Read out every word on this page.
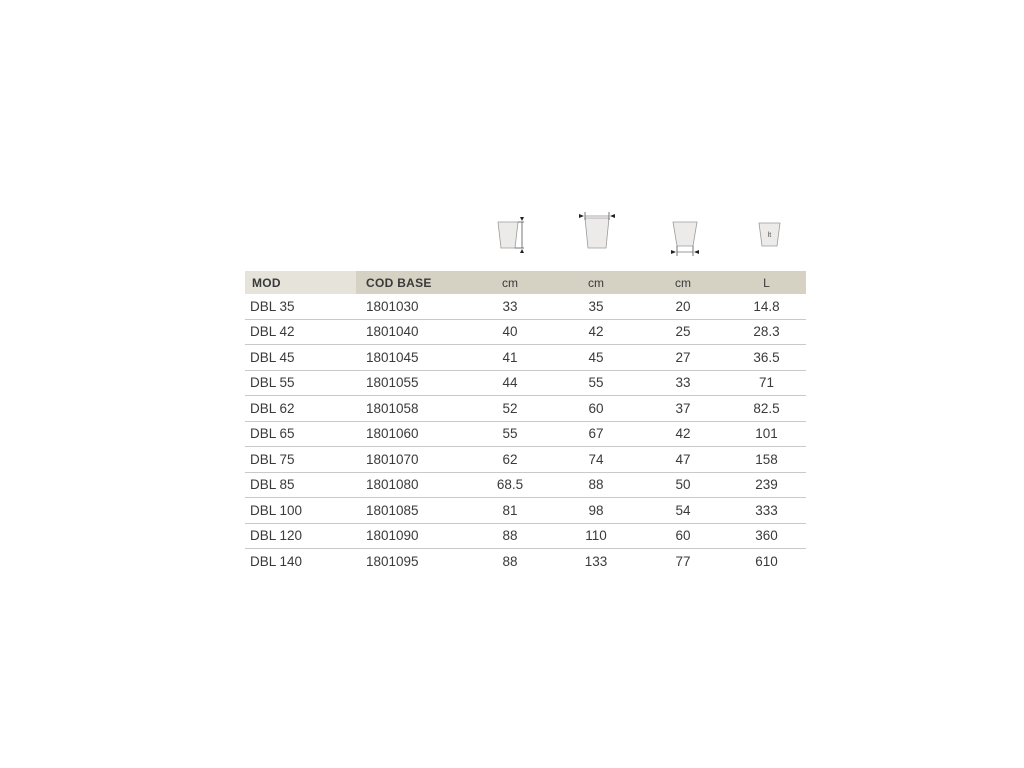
lt
MOD	COD BASE	cm	cm	cm	L
DBL 35	1801030	33	35	20	14.8
DBL 42	1801040	40	42	25	28.3
DBL 45	1801045	41	45	27	36.5
DBL 55	1801055	44	55	33	71
DBL 62	1801058	52	60	37	82.5
DBL 65	1801060	55	67	42	101
DBL 75	1801070	62	74	47	158
DBL 85	1801080	68.5	88	50	239
DBL 100	1801085	81	98	54	333
DBL 120	1801090	88	110	60	360
DBL 140	1801095	88	133	77	610
